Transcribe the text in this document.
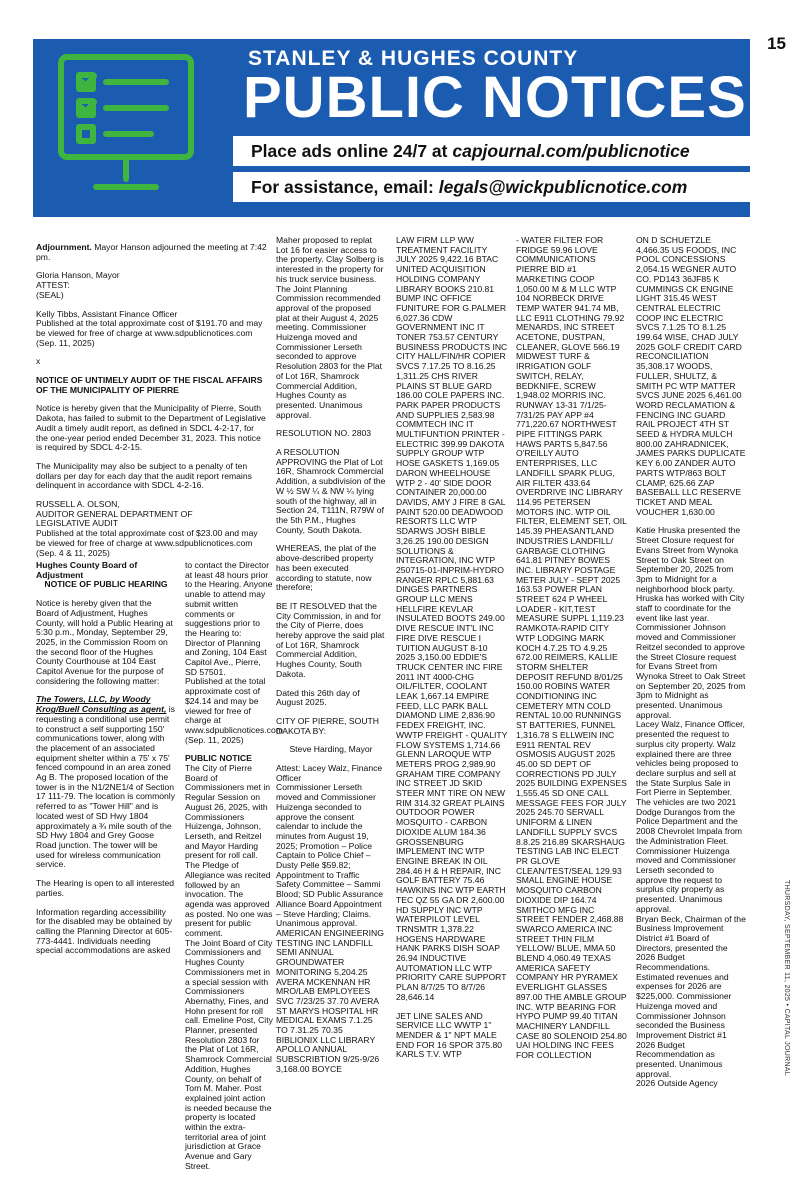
15
THURSDAY, SEPTEMBER 11, 2025 • CAPITAL JOURNAL
STANLEY & HUGHES COUNTY
PUBLIC NOTICES
Place ads online 24/7 at capjournal.com/publicnotice
For assistance, email: legals@wickpublicnotice.com

Adjournment. Mayor Hanson adjourned the meeting at 7:42 pm.

Gloria Hanson, Mayor
ATTEST:
(SEAL)

Kelly Tibbs, Assistant Finance Officer
Published at the total approximate cost of $191.70 and may be viewed for free of charge at www.sdpublicnotices.com
(Sep. 11, 2025)

x

NOTICE OF UNTIMELY AUDIT OF THE FISCAL AFFAIRS OF THE MUNICIPALITY OF PIERRE

Notice is hereby given that the Municipality of Pierre, South Dakota, has failed to submit to the Department of Legislative Audit a timely audit report, as defined in SDCL 4-2-17, for the one-year period ended December 31, 2023. This notice is required by SDCL 4-2-15.

The Municipality may also be subject to a penalty of ten dollars per day for each day that the audit report remains delinquent in accordance with SDCL 4-2-16.

RUSSELL A. OLSON,
AUDITOR GENERAL DEPARTMENT OF
LEGISLATIVE AUDIT
Published at the total approximate cost of $23.00 and may be viewed for free of charge at www.sdpublicnotices.com
(Sep. 4 & 11, 2025)

Hughes County Board of Adjustment

NOTICE OF PUBLIC HEARING

Notice is hereby given that the Board of Adjustment, Hughes County, will hold a Public Hearing at 5:30 p.m., Monday, September 29, 2025, in the Commission Room on the second floor of the Hughes County Courthouse at 104 East Capitol Avenue for the purpose of considering the following matter:

The Towers, LLC, by Woody Krog/Buell Consulting as agent, is requesting a conditional use permit to construct a self supporting 150' communications tower, along with the placement of an associated equipment shelter within a 75' x 75' fenced compound in an area zoned Ag B. The proposed location of the tower is in the N1/2NE1/4 of Section 17 111-79. The location is commonly referred to as "Tower Hill" and is located west of SD Hwy 1804 approximately a ¾ mile south of the SD Hwy 1804 and Grey Goose Road junction. The tower will be used for wireless communication service.

The Hearing is open to all interested parties.

Information regarding accessibility for the disabled may be obtained by calling the Planning Director at 605-773-4441. Individuals needing special accommodations are asked

to contact the Director at least 48 hours prior to the Hearing. Anyone unable to attend may submit written comments or suggestions prior to the Hearing to: Director of Planning and Zoning, 104 East Capitol Ave., Pierre, SD 57501.
Published at the total approximate cost of $24.14 and may be viewed for free of charge at www.sdpublicnotices.com
(Sep. 11, 2025)

PUBLIC NOTICE

The City of Pierre Board of Commissioners met in Regular Session on August 26, 2025, with Commissioners Huizenga, Johnson, Lerseth, and Reitzel and Mayor Harding present for roll call. The Pledge of Allegiance was recited followed by an invocation. The agenda was approved as posted. No one was present for public comment.
The Joint Board of City Commissioners and Hughes County Commissioners met in a special session with Commissioners Abernathy, Fines, and Hohn present for roll call. Emeline Post, City Planner, presented Resolution 2803 for the Plat of Lot 16R, Shamrock Commercial Addition, Hughes County, on behalf of Tom M. Maher. Post explained joint action is needed because the property is located within the extra-territorial area of joint jurisdiction at Grace Avenue and Gary Street.

Maher proposed to replat Lot 16 for easier access to the property. Clay Solberg is interested in the property for his truck service business. The Joint Planning Commission recommended approval of the proposed plat at their August 4, 2025 meeting. Commissioner Huizenga moved and Commissioner Lerseth seconded to approve Resolution 2803 for the Plat of Lot 16R, Shamrock Commercial Addition, Hughes County as presented. Unanimous approval.

RESOLUTION NO. 2803

A RESOLUTION APPROVING the Plat of Lot 16R, Shamrock Commercial Addition, a subdivision of the W ½ SW ¼ & NW ¼ lying south of the highway, all in Section 24, T111N, R79W of the 5th P.M., Hughes County, South Dakota.

WHEREAS, the plat of the above-described property has been executed according to statute, now therefore;

BE IT RESOLVED that the City Commission, in and for the City of Pierre, does hereby approve the said plat of Lot 16R, Shamrock Commercial Addition, Hughes County, South Dakota.

Dated this 26th day of August 2025.

CITY OF PIERRE, SOUTH DAKOTA BY:

Steve Harding, Mayor

Attest: Lacey Walz, Finance Officer
Commissioner Lerseth moved and Commissioner Huizenga seconded to approve the consent calendar to include the minutes from August 19, 2025; Promotion – Police Captain to Police Chief – Dusty Pelle $59.82; Appointment to Traffic Safety Committee – Sammi Blood; SD Public Assurance Alliance Board Appointment – Steve Harding; Claims. Unanimous approval.
AMERICAN ENGINEERING TESTING INC LANDFILL SEMI ANNUAL GROUNDWATER MONITORING 5,204.25 AVERA MCKENNAN HR MRO/LAB EMPLOYEES SVC 7/23/25 37.70 AVERA ST MARYS HOSPITAL HR MEDICAL EXAMS 7.1.25 TO 7.31.25 70.35 BIBLIONIX LLC LIBRARY APOLLO ANNUAL SUBSCRIBTION 9/25-9/26 3,168.00 BOYCE

LAW FIRM LLP WW TREATMENT FACILITY JULY 2025 9,422.16 BTAC UNITED ACQUISITION HOLDING COMPANY LIBRARY BOOKS 210.81 BUMP INC OFFICE FUNITURE FOR G.PALMER 6,027.36 CDW GOVERNMENT INC IT TONER 753.57 CENTURY BUSINESS PRODUCTS INC CITY HALL/FIN/HR COPIER SVCS 7.17.25 TO 8.16.25 1,311.25 CHS RIVER PLAINS ST BLUE GARD 186.00 COLE PAPERS INC. PARK PAPER PRODUCTS AND SUPPLIES 2,583.98 COMMTECH INC IT MULTIFUNTION PRINTER - ELECTRIC 399.99 DAKOTA SUPPLY GROUP WTP HOSE GASKETS 1,169.05 DARON WHEELHOUSE WTP 2 - 40' SIDE DOOR CONTAINER 20,000.00 DAVIDS, AMY J FIRE 8 GAL PAINT 520.00 DEADWOOD RESORTS LLC WTP SDARWS JOSH BIBLE 3,26.25 190.00 DESIGN SOLUTIONS & INTEGRATION, INC WTP 250715-01-INPRIM-HYDRO RANGER RPLC 5,881.63 DINGES PARTNERS GROUP LLC MENS HELLFIRE KEVLAR INSULATED BOOTS 249.00 DIVE RESCUE INT'L INC FIRE DIVE RESCUE I TUITION AUGUST 8-10 2025 3,150.00 EDDIE'S TRUCK CENTER INC FIRE 2011 INT 4000-CHG OIL/FILTER, COOLANT LEAK 1,667.14 EMPIRE FEED, LLC PARK BALL DIAMOND LIME 2,836.90 FEDEX FREIGHT, INC. WWTP FREIGHT - QUALITY FLOW SYSTEMS 1,714.66 GLENN LAROQUE WTP METERS PROG 2,989.90 GRAHAM TIRE COMPANY INC STREET JD SKID STEER MNT TIRE ON NEW RIM 314.32 GREAT PLAINS OUTDOOR POWER MOSQUITO - CARBON DIOXIDE ALUM 184.36 GROSSENBURG IMPLEMENT INC WTP ENGINE BREAK IN OIL 284.46 H & H REPAIR, INC GOLF BATTERY 75.46 HAWKINS INC WTP EARTH TEC QZ 55 GA DR 2,600.00 HD SUPPLY INC WTP WATERPILOT LEVEL TRNSMTR 1,378.22 HOGENS HARDWARE HANK PARKS DISH SOAP 26.94 INDUCTIVE AUTOMATION LLC WTP PRIORITY CARE SUPPORT PLAN 8/7/25 TO 8/7/26 28,646.14

JET LINE SALES AND SERVICE LLC WWTP 1" MENDER & 1" NPT MALE END FOR 16 SPOR 375.80 KARLS T.V. WTP

- WATER FILTER FOR FRIDGE 59.96 LOVE COMMUNICATIONS PIERRE BID #1 MARKETING COOP 1,050.00 M & M LLC WTP 104 NORBECK DRIVE TEMP WATER 941.74 MB, LLC E911 CLOTHING 79.92 MENARDS, INC STREET ACETONE, DUSTPAN, CLEANER, GLOVE 566.19 MIDWEST TURF & IRRIGATION GOLF SWITCH, RELAY, BEDKNIFE, SCREW 1,948.02 MORRIS INC. RUNWAY 13-31 7/1/25-7/31/25 PAY APP #4 771,220.67 NORTHWEST PIPE FITTINGS PARK HAWS PARTS 5,847.56 O'REILLY AUTO ENTERPRISES, LLC LANDFILL SPARK PLUG, AIR FILTER 433.64 OVERDRIVE INC LIBRARY 114.95 PETERSEN MOTORS INC. WTP OIL FILTER, ELEMENT SET, OIL 145.39 PHEASANTLAND INDUSTRIES LANDFILL/ GARBAGE CLOTHING 641.81 PITNEY BOWES INC. LIBRARY POSTAGE METER JULY - SEPT 2025 163.53 POWER PLAN STREET 624 P WHEEL LOADER - KIT,TEST MEASURE SUPPL 1,119.23 RAMKOTA-RAPID CITY WTP LODGING MARK KOCH 4.7.25 TO 4.9.25 672.00 REIMERS, KALLIE STORM SHELTER DEPOSIT REFUND 8/01/25 150.00 ROBINS WATER CONDITIONING INC CEMETERY MTN COLD RENTAL 10.00 RUNNINGS ST BATTERIES, FUNNEL 1,316.78 S ELLWEIN INC E911 RENTAL REV OSMOSIS AUGUST 2025 45.00 SD DEPT OF CORRECTIONS PD JULY 2025 BUILDING EXPENSES 1,555.45 SD ONE CALL MESSAGE FEES FOR JULY 2025 245.70 SERVALL UNIFORM & LINEN LANDFILL SUPPLY SVCS 8.8.25 216.89 SKARSHAUG TESTING LAB INC ELECT PR GLOVE CLEAN/TEST/SEAL 129.93 SMALL ENGINE HOUSE MOSQUITO CARBON DIOXIDE DIP 164.74 SMITHCO MFG INC STREET FENDER 2,468.88 SWARCO AMERICA INC STREET THIN FILM YELLOW/ BLUE, MMA 50 BLEND 4,060.49 TEXAS AMERICA SAFETY COMPANY HR PYRAMEX EVERLIGHT GLASSES 897.00 THE AMBLE GROUP INC. WTP BEARING FOR HYPO PUMP 99.40 TITAN MACHINERY LANDFILL CASE 80 SOLENOID 254.80 UAI HOLDING INC FEES FOR COLLECTION

ON D SCHUETZLE 4,466.35 US FOODS, INC POOL CONCESSIONS 2,054.15 WEGNER AUTO CO. PD143 36JF85 K CUMMINGS CK ENGINE LIGHT 315.45 WEST CENTRAL ELECTRIC COOP INC ELECTRIC SVCS 7.1.25 TO 8.1.25 199.64 WISE, CHAD JULY 2025 GOLF CREDIT CARD RECONCILIATION 35,308.17 WOODS, FULLER, SHULTZ, & SMITH PC WTP MATTER SVCS JUNE 2025 6,461.00 WORD RECLAMATION & FENCING INC GUARD RAIL PROJECT 4TH ST SEED & HYDRA MULCH 800.00 ZAHRADNICEK, JAMES PARKS DUPLICATE KEY 6.00 ZANDER AUTO PARTS WTP/863 BOLT CLAMP, 625.66 ZAP BASEBALL LLC RESERVE TICKET AND MEAL VOUCHER 1,630.00

Katie Hruska presented the Street Closure request for Evans Street from Wynoka Street to Oak Street on September 20, 2025 from 3pm to Midnight for a neighborhood block party. Hruska has worked with City staff to coordinate for the event like last year. Commissioner Johnson moved and Commissioner Reitzel seconded to approve the Street Closure request for Evans Street from Wynoka Street to Oak Street on September 20, 2025 from 3pm to Midnight as presented. Unanimous approval.
Lacey Walz, Finance Officer, presented the request to surplus city property. Walz explained there are three vehicles being proposed to declare surplus and sell at the State Surplus Sale in Fort Pierre in September. The vehicles are two 2021 Dodge Durangos from the Police Department and the 2008 Chevrolet Impala from the Administration Fleet. Commissioner Huizenga moved and Commissioner Lerseth seconded to approve the request to surplus city property as presented. Unanimous approval.
Bryan Beck, Chairman of the Business Improvement District #1 Board of Directors, presented the 2026 Budget Recommendations. Estimated revenues and expenses for 2026 are $225,000. Commissioner Huizenga moved and Commissioner Johnson seconded the Business Improvement District #1 2026 Budget Recommendation as presented. Unanimous approval.
2026 Outside Agency
